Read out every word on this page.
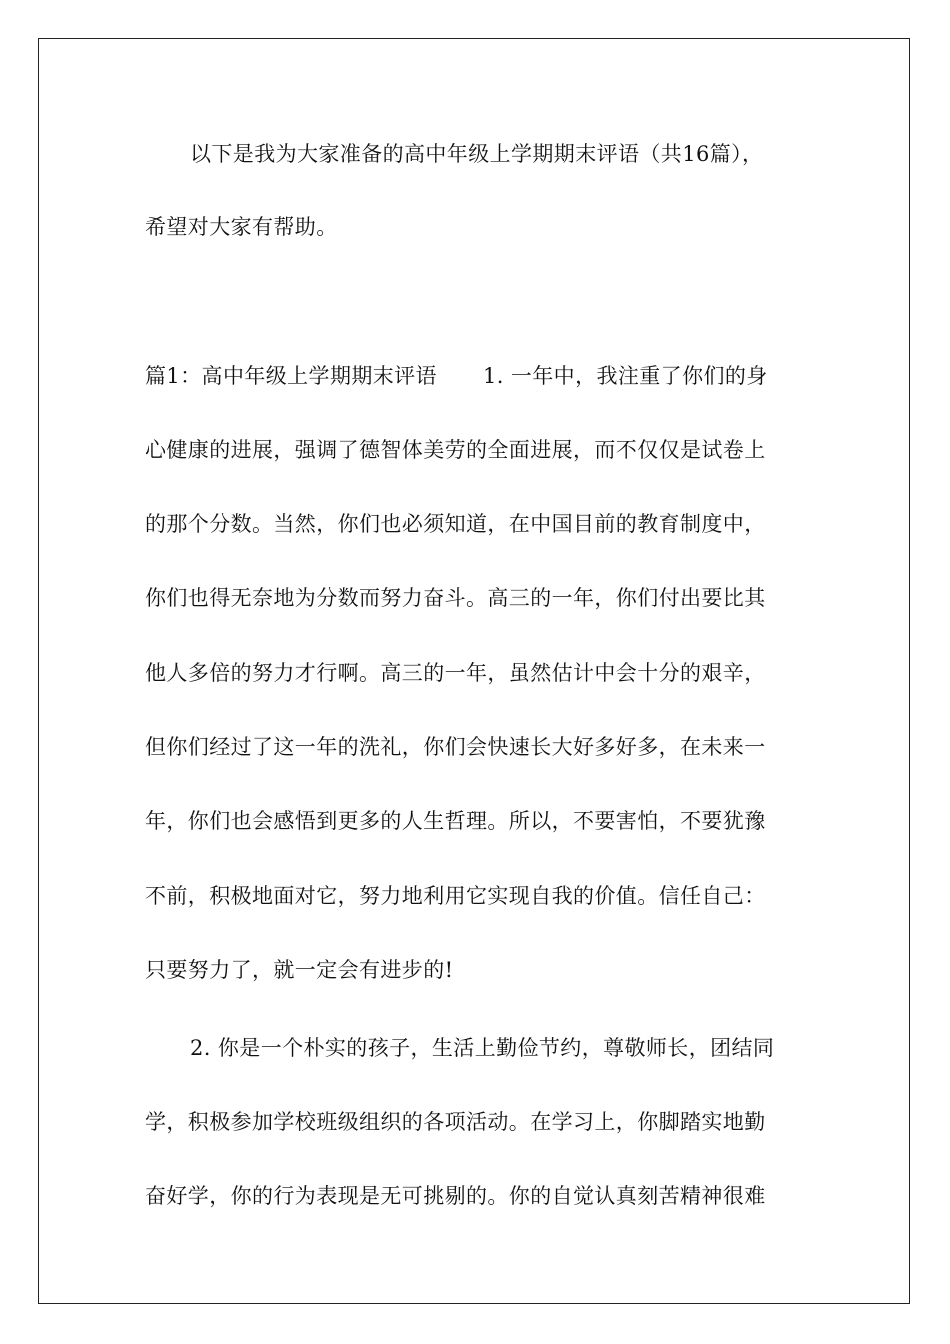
以下是我为大家准备的高中年级上学期期末评语（共16篇），
希望对大家有帮助。
篇1：高中年级上学期期末评语 1. 一年中，我注重了你们的身
心健康的进展，强调了德智体美劳的全面进展，而不仅仅是试卷上
的那个分数。当然，你们也必须知道，在中国目前的教育制度中，
你们也得无奈地为分数而努力奋斗。高三的一年，你们付出要比其
他人多倍的努力才行啊。高三的一年，虽然估计中会十分的艰辛，
但你们经过了这一年的洗礼，你们会快速长大好多好多，在未来一
年，你们也会感悟到更多的人生哲理。所以，不要害怕，不要犹豫
不前，积极地面对它，努力地利用它实现自我的价值。信任自己：
只要努力了，就一定会有进步的!
2. 你是一个朴实的孩子，生活上勤俭节约，尊敬师长，团结同
学，积极参加学校班级组织的各项活动。在学习上，你脚踏实地勤
奋好学，你的行为表现是无可挑剔的。你的自觉认真刻苦精神很难
